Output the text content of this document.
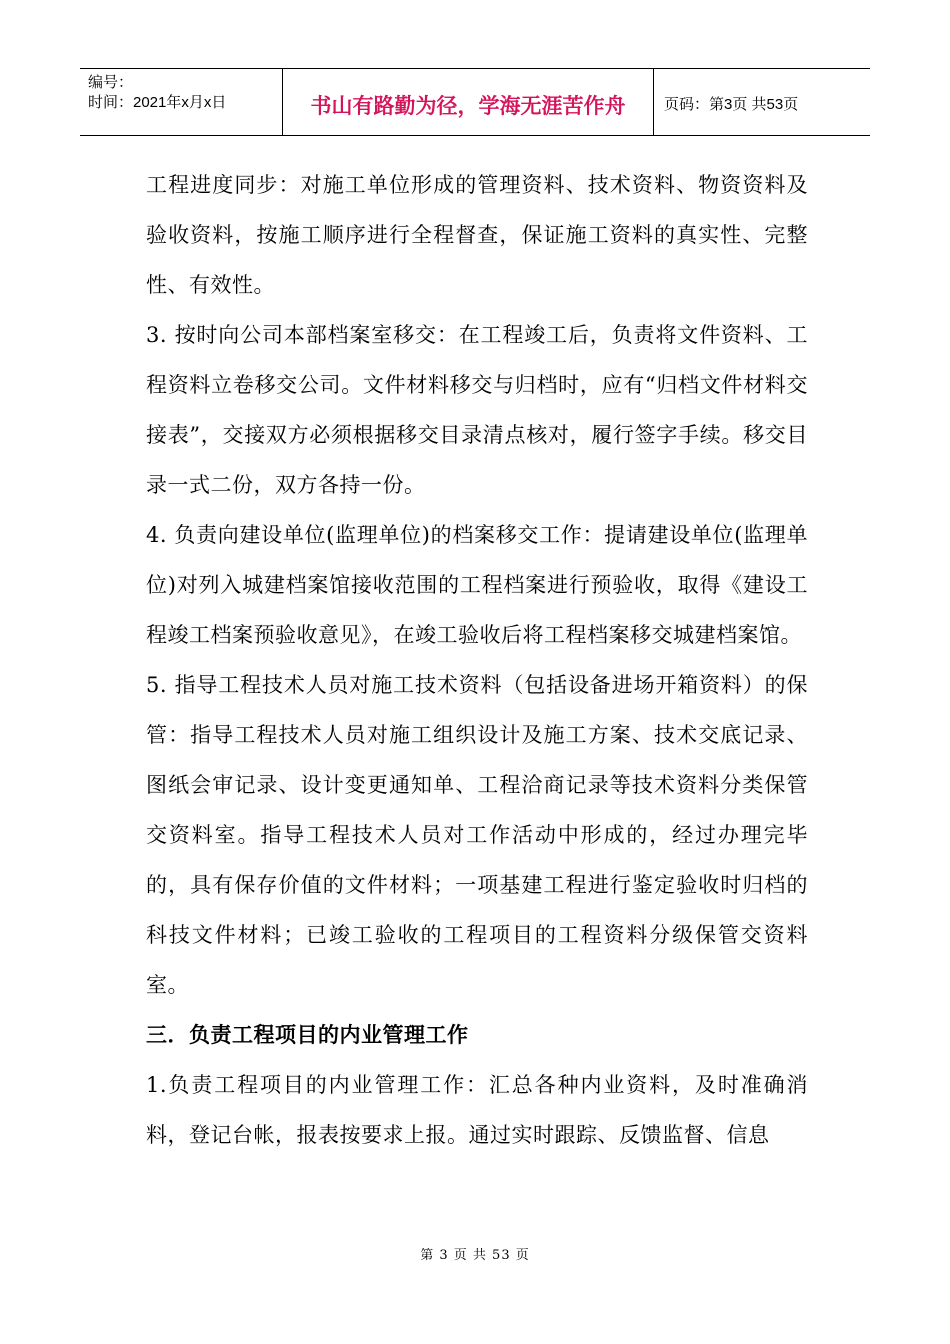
编号：
时间：2021年x月x日	书山有路勤为径，学海无涯苦作舟	页码：第3页 共53页

工程进度同步：对施工单位形成的管理资料、技术资料、物资资料及验收资料，按施工顺序进行全程督查，保证施工资料的真实性、完整性、有效性。

3. 按时向公司本部档案室移交：在工程竣工后，负责将文件资料、工程资料立卷移交公司。文件材料移交与归档时，应有“归档文件材料交接表”，交接双方必须根据移交目录清点核对，履行签字手续。移交目录一式二份，双方各持一份。

4. 负责向建设单位(监理单位)的档案移交工作：提请建设单位(监理单位)对列入城建档案馆接收范围的工程档案进行预验收，取得《建设工程竣工档案预验收意见》，在竣工验收后将工程档案移交城建档案馆。

5. 指导工程技术人员对施工技术资料（包括设备进场开箱资料）的保管：指导工程技术人员对施工组织设计及施工方案、技术交底记录、图纸会审记录、设计变更通知单、工程洽商记录等技术资料分类保管交资料室。指导工程技术人员对工作活动中形成的，经过办理完毕的，具有保存价值的文件材料；一项基建工程进行鉴定验收时归档的科技文件材料；已竣工验收的工程项目的工程资料分级保管交资料室。

三．负责工程项目的内业管理工作

1.负责工程项目的内业管理工作：汇总各种内业资料，及时准确消料，登记台帐，报表按要求上报。通过实时跟踪、反馈监督、信息

第 3 页 共 53 页
